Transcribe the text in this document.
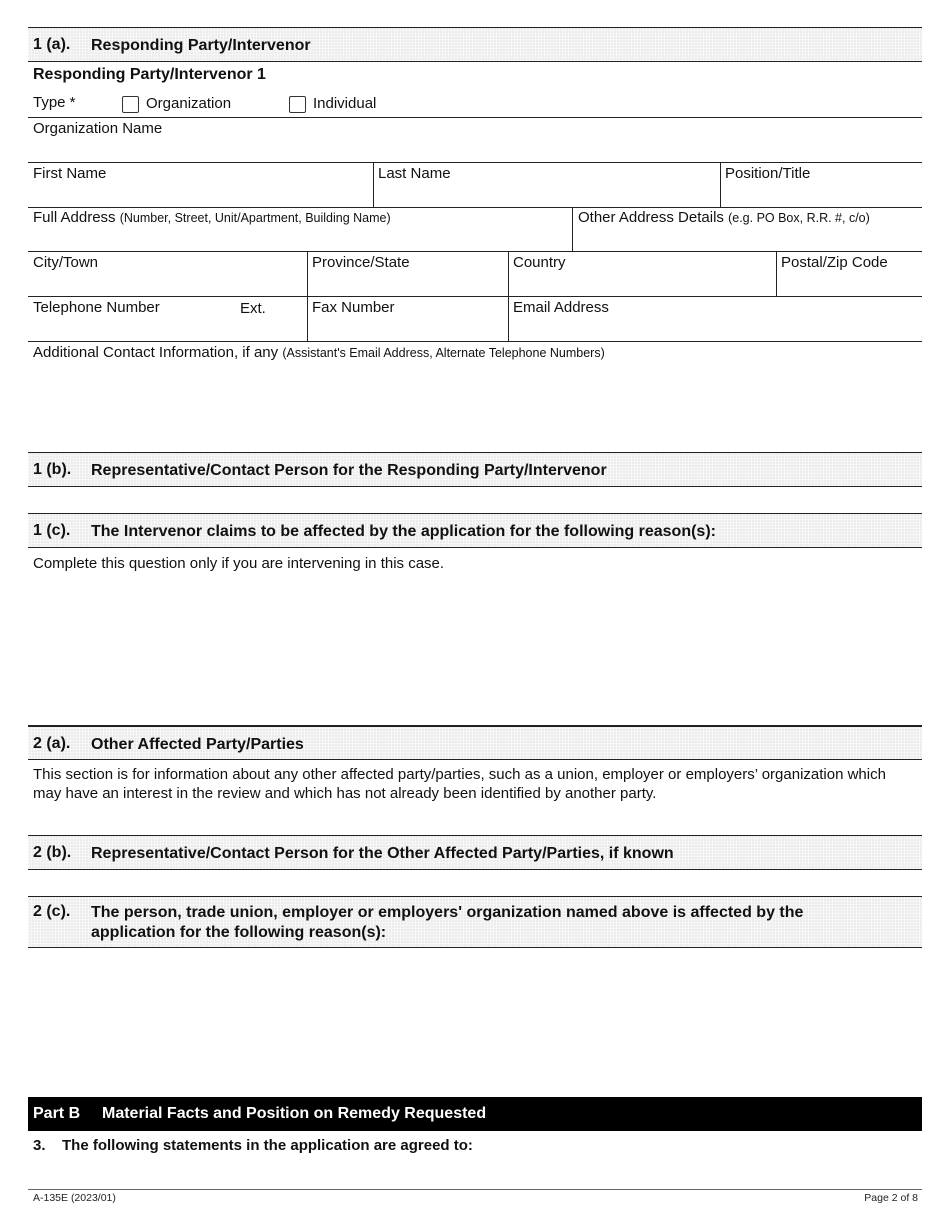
1 (a). Responding Party/Intervenor
Responding Party/Intervenor 1
Type *	Organization	Individual
Organization Name
First Name	Last Name	Position/Title
Full Address (Number, Street, Unit/Apartment, Building Name)	Other Address Details (e.g. PO Box, R.R. #, c/o)
City/Town	Province/State	Country	Postal/Zip Code
Telephone Number	Ext.	Fax Number	Email Address
Additional Contact Information, if any (Assistant's Email Address, Alternate Telephone Numbers)
1 (b). Representative/Contact Person for the Responding Party/Intervenor
1 (c). The Intervenor claims to be affected by the application for the following reason(s):
Complete this question only if you are intervening in this case.
2 (a). Other Affected Party/Parties
This section is for information about any other affected party/parties, such as a union, employer or employers’ organization which may have an interest in the review and which has not already been identified by another party.
2 (b). Representative/Contact Person for the Other Affected Party/Parties, if known
2 (c). The person, trade union, employer or employers' organization named above is affected by the application for the following reason(s):
Part B Material Facts and Position on Remedy Requested
3. The following statements in the application are agreed to:
A-135E (2023/01)	Page 2 of 8
